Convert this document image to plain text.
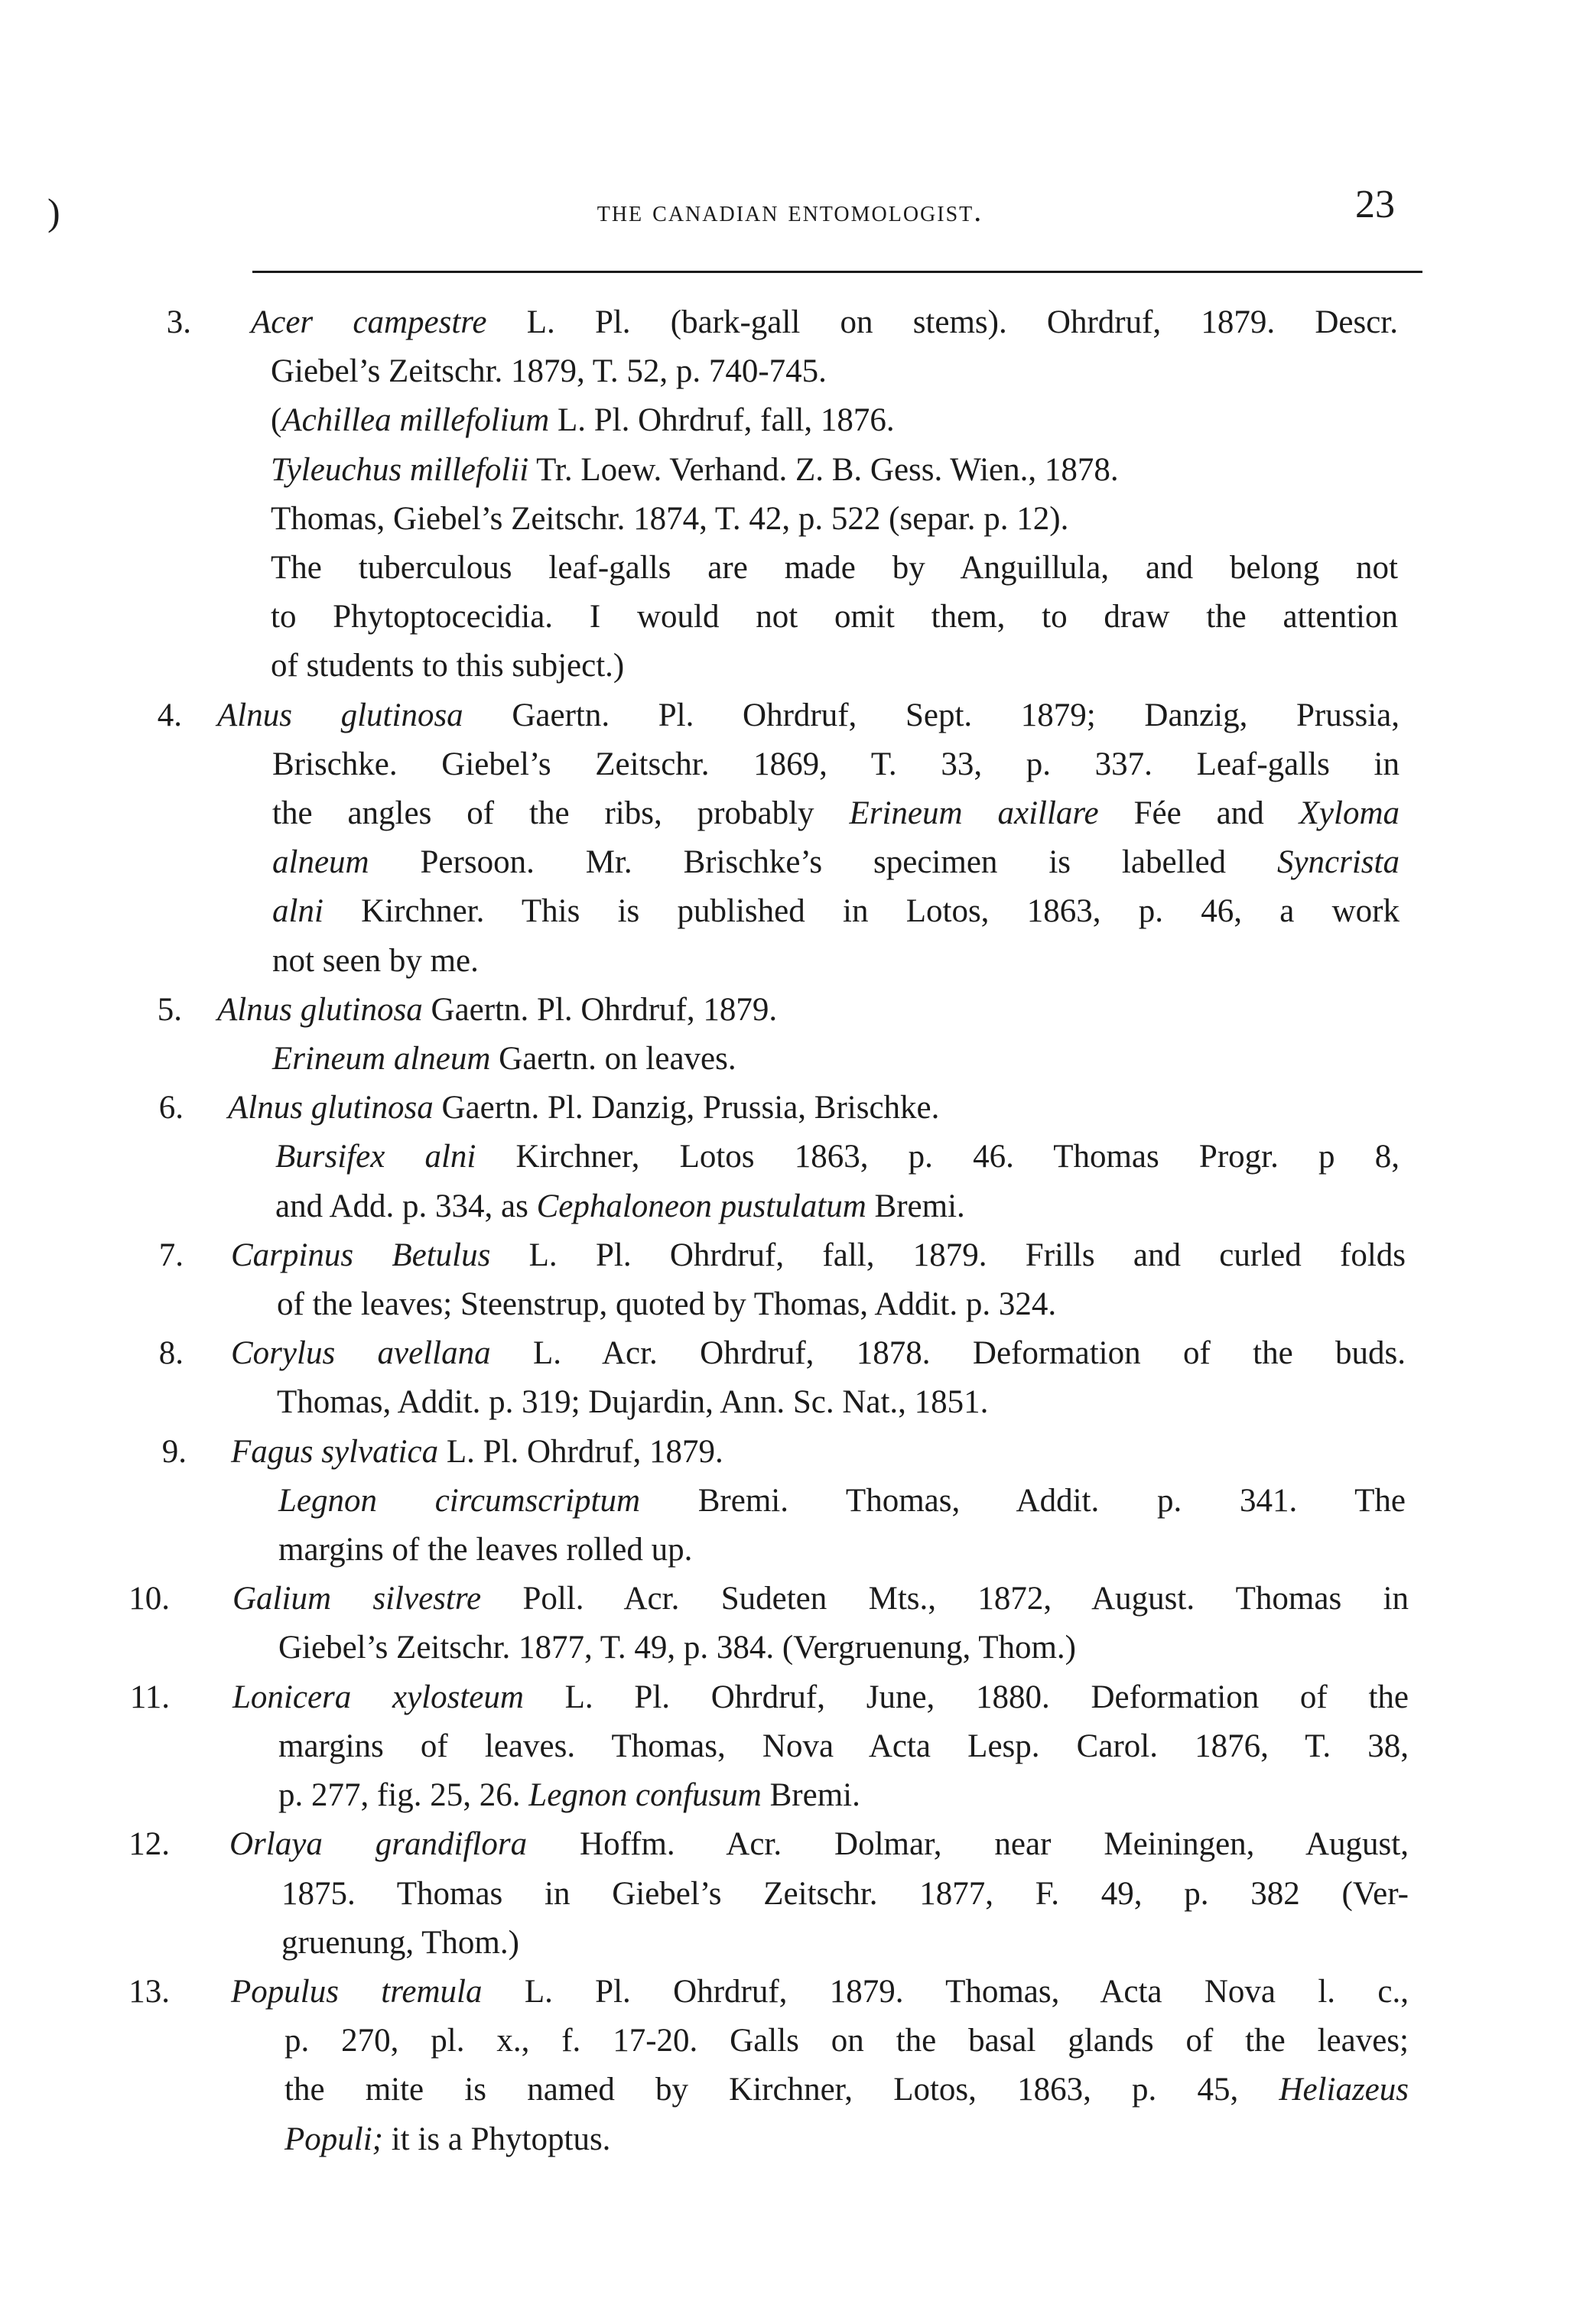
)	the canadian entomologist.	23
3. Acer campestre L. Pl. (bark-gall on stems). Ohrdruf, 1879. Descr.
Giebel’s Zeitschr. 1879, T. 52, p. 740-745.
(Achillea millefolium L. Pl. Ohrdruf, fall, 1876.
Tyleuchus millefolii Tr. Loew. Verhand. Z. B. Gess. Wien., 1878.
Thomas, Giebel’s Zeitschr. 1874, T. 42, p. 522 (separ. p. 12).
The tuberculous leaf-galls are made by Anguillula, and belong not
to Phytoptocecidia. I would not omit them, to draw the attention
of students to this subject.)
4. Alnus glutinosa Gaertn. Pl. Ohrdruf, Sept. 1879; Danzig, Prussia,
Brischke. Giebel’s Zeitschr. 1869, T. 33, p. 337. Leaf-galls in
the angles of the ribs, probably Erineum axillare Fée and Xyloma
alneum Persoon. Mr. Brischke’s specimen is labelled Syncrista
alni Kirchner. This is published in Lotos, 1863, p. 46, a work
not seen by me.
5. Alnus glutinosa Gaertn. Pl. Ohrdruf, 1879.
Erineum alneum Gaertn. on leaves.
6. Alnus glutinosa Gaertn. Pl. Danzig, Prussia, Brischke.
Bursifex alni Kirchner, Lotos 1863, p. 46. Thomas Progr. p 8,
and Add. p. 334, as Cephaloneon pustulatum Bremi.
7. Carpinus Betulus L. Pl. Ohrdruf, fall, 1879. Frills and curled folds
of the leaves; Steenstrup, quoted by Thomas, Addit. p. 324.
8. Corylus avellana L. Acr. Ohrdruf, 1878. Deformation of the buds.
Thomas, Addit. p. 319; Dujardin, Ann. Sc. Nat., 1851.
9. Fagus sylvatica L. Pl. Ohrdruf, 1879.
Legnon circumscriptum Bremi. Thomas, Addit. p. 341. The
margins of the leaves rolled up.
10. Galium silvestre Poll. Acr. Sudeten Mts., 1872, August. Thomas in
Giebel’s Zeitschr. 1877, T. 49, p. 384. (Vergruenung, Thom.)
11. Lonicera xylosteum L. Pl. Ohrdruf, June, 1880. Deformation of the
margins of leaves. Thomas, Nova Acta Lesp. Carol. 1876, T. 38,
p. 277, fig. 25, 26. Legnon confusum Bremi.
12. Orlaya grandiflora Hoffm. Acr. Dolmar, near Meiningen, August,
1875. Thomas in Giebel’s Zeitschr. 1877, F. 49, p. 382 (Ver-
gruenung, Thom.)
13. Populus tremula L. Pl. Ohrdruf, 1879. Thomas, Acta Nova l. c.,
p. 270, pl. x., f. 17-20. Galls on the basal glands of the leaves;
the mite is named by Kirchner, Lotos, 1863, p. 45, Heliazeus
Populi; it is a Phytoptus.
